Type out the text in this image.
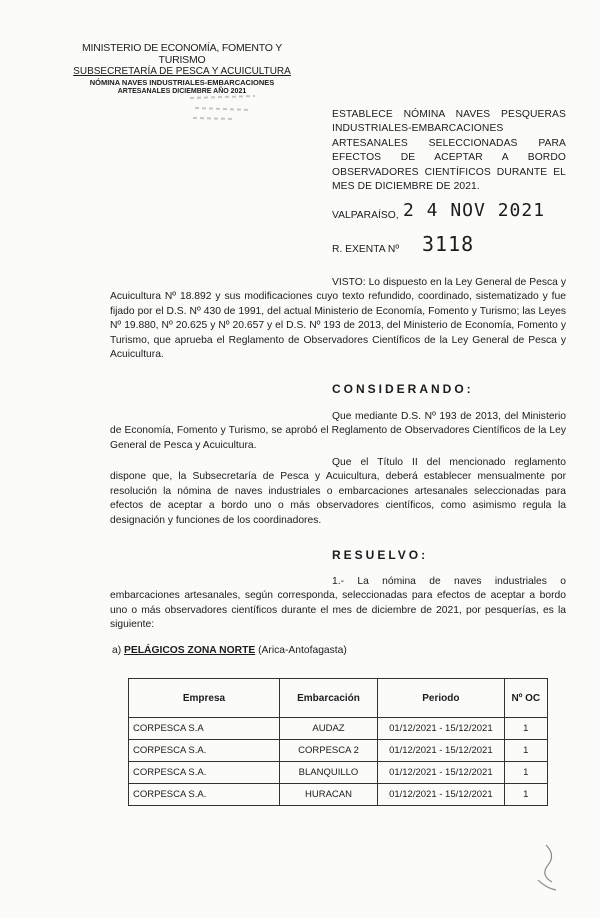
MINISTERIO DE ECONOMÍA, FOMENTO Y TURISMO
SUBSECRETARÍA DE PESCA Y ACUICULTURA
NÓMINA NAVES INDUSTRIALES-EMBARCACIONES
ARTESANALES DICIEMBRE AÑO 2021
ESTABLECE NÓMINA NAVES PESQUERAS INDUSTRIALES-EMBARCACIONES ARTESANALES SELECCIONADAS PARA EFECTOS DE ACEPTAR A BORDO OBSERVADORES CIENTÍFICOS DURANTE EL MES DE DICIEMBRE DE 2021.
VALPARAÍSO, 2 4 NOV 2021
R. EXENTA Nº 3118
VISTO: Lo dispuesto en la Ley General de Pesca y Acuicultura Nº 18.892 y sus modificaciones cuyo texto refundido, coordinado, sistematizado y fue fijado por el D.S. Nº 430 de 1991, del actual Ministerio de Economía, Fomento y Turismo; las Leyes Nº 19.880, Nº 20.625 y Nº 20.657 y el D.S. Nº 193 de 2013, del Ministerio de Economía, Fomento y Turismo, que aprueba el Reglamento de Observadores Científicos de la Ley General de Pesca y Acuicultura.
CONSIDERANDO:
Que mediante D.S. Nº 193 de 2013, del Ministerio de Economía, Fomento y Turismo, se aprobó el Reglamento de Observadores Científicos de la Ley General de Pesca y Acuicultura.
Que el Título II del mencionado reglamento dispone que, la Subsecretaría de Pesca y Acuicultura, deberá establecer mensualmente por resolución la nómina de naves industriales o embarcaciones artesanales seleccionadas para efectos de aceptar a bordo uno o más observadores científicos, como asimismo regula la designación y funciones de los coordinadores.
RESUELVO:
1.- La nómina de naves industriales o embarcaciones artesanales, según corresponda, seleccionadas para efectos de aceptar a bordo uno o más observadores científicos durante el mes de diciembre de 2021, por pesquerías, es la siguiente:
a) PELÁGICOS ZONA NORTE (Arica-Antofagasta)
Empresa	Embarcación	Periodo	Nº OC
CORPESCA S.A	AUDAZ	01/12/2021 - 15/12/2021	1
CORPESCA S.A.	CORPESCA 2	01/12/2021 - 15/12/2021	1
CORPESCA S.A.	BLANQUILLO	01/12/2021 - 15/12/2021	1
CORPESCA S.A.	HURACAN	01/12/2021 - 15/12/2021	1
